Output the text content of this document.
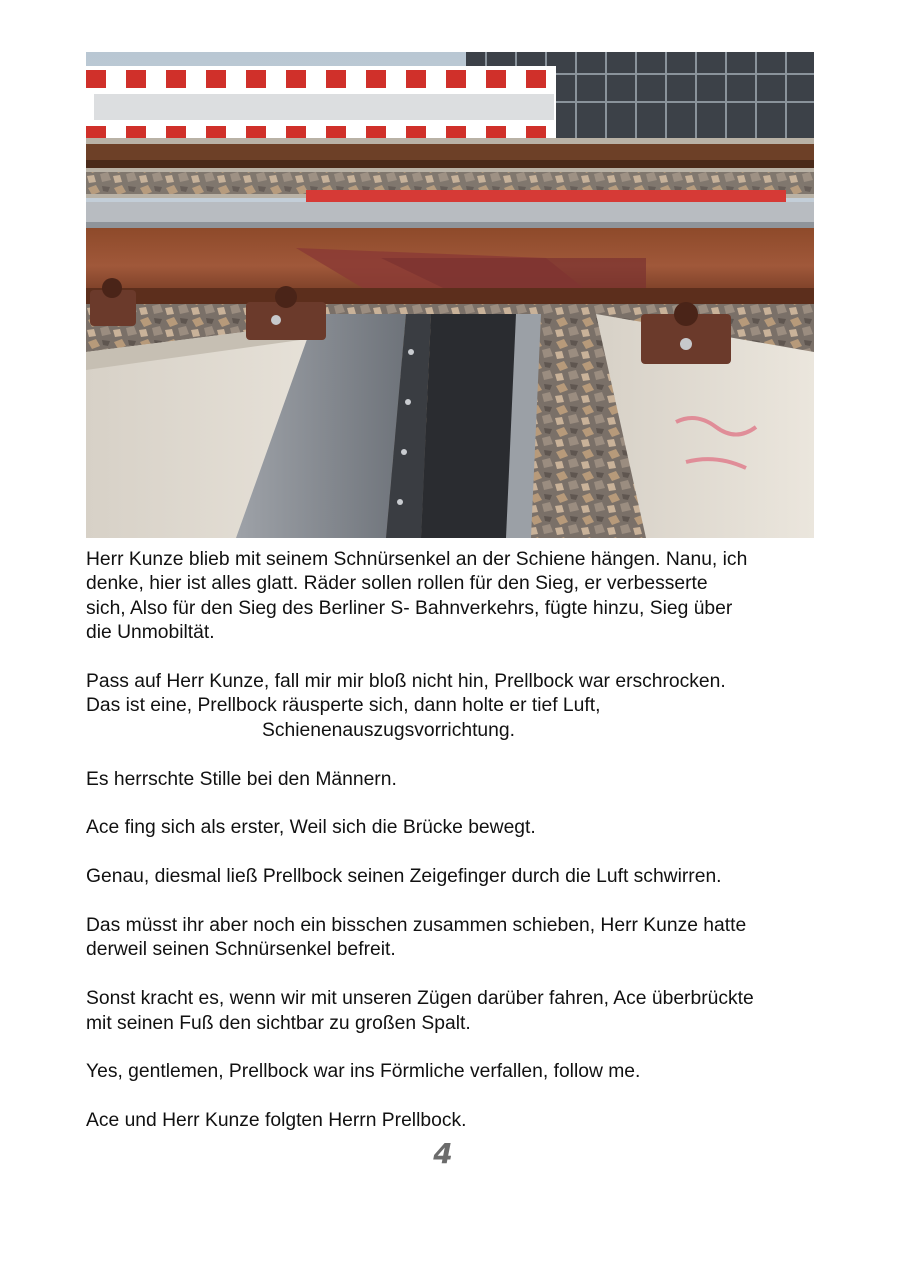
Herr Kunze blieb mit seinem Schnürsenkel an der Schiene hängen. Nanu, ich
denke, hier ist alles glatt. Räder sollen rollen für den Sieg, er verbesserte
sich, Also für den Sieg des Berliner S- Bahnverkehrs, fügte hinzu, Sieg über
die Unmobiltät.

Pass auf Herr Kunze, fall mir mir bloß nicht hin, Prellbock war erschrocken.
Das ist eine, Prellbock räusperte sich, dann holte er tief Luft,

Schienenauszugsvorrichtung.

Es herrschte Stille bei den Männern.

Ace fing sich als erster, Weil sich die Brücke bewegt.

Genau, diesmal ließ Prellbock seinen Zeigefinger durch die Luft schwirren.

Das müsst ihr aber noch ein bisschen zusammen schieben, Herr Kunze hatte
derweil seinen Schnürsenkel befreit.

Sonst kracht es, wenn wir mit unseren Zügen darüber fahren, Ace überbrückte
mit seinen Fuß den sichtbar zu großen Spalt.

Yes, gentlemen, Prellbock war ins Förmliche verfallen, follow me.

Ace und Herr Kunze folgten Herrn Prellbock.

4
